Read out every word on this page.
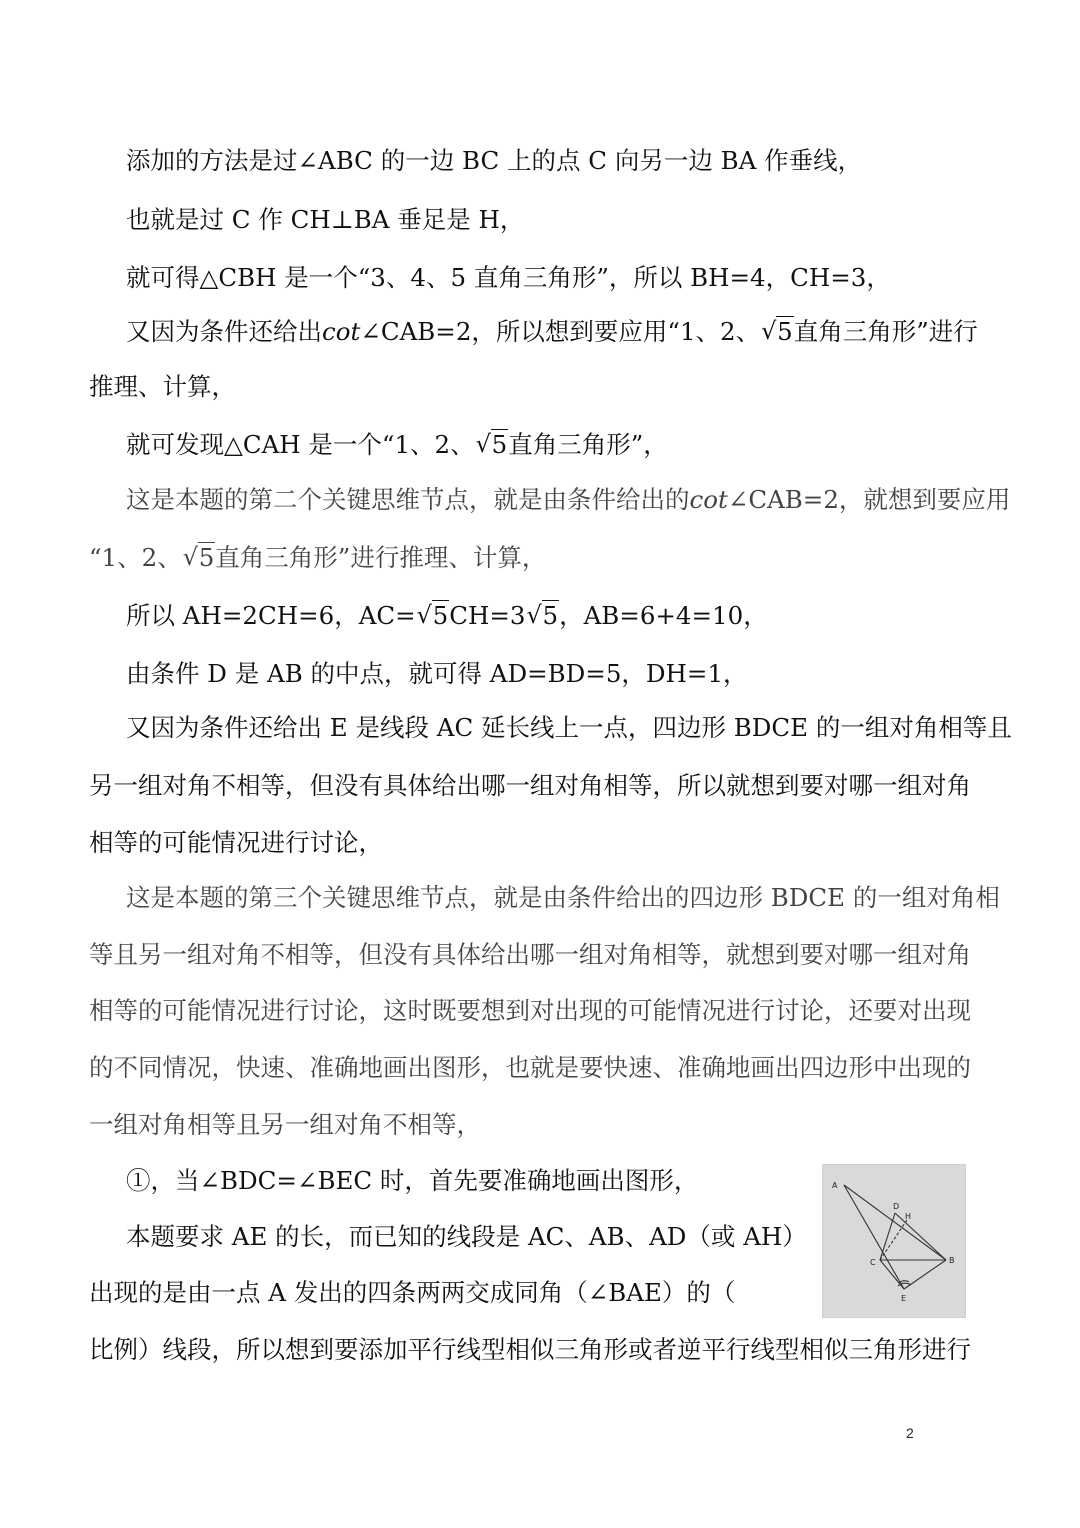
添加的方法是过∠ABC 的一边 BC 上的点 C 向另一边 BA 作垂线，
也就是过 C 作 CH⊥BA 垂足是 H，
就可得△CBH 是一个“3、4、5 直角三角形”，所以 BH=4，CH=3，
又因为条件还给出cot∠CAB=2，所以想到要应用“1、2、 √ 5直角三角形”进行
推理、计算，
就可发现△CAH 是一个“1、2、 √ 5直角三角形”，
这是本题的第二个关键思维节点，就是由条件给出的cot∠CAB=2，就想到要应用
“1、2、 √ 5直角三角形”进行推理、计算，
所以 AH=2CH=6，AC= √ 5CH=3 √ 5，AB=6+4=10，
由条件 D 是 AB 的中点，就可得 AD=BD=5，DH=1，
又因为条件还给出 E 是线段 AC 延长线上一点，四边形 BDCE 的一组对角相等且
另一组对角不相等，但没有具体给出哪一组对角相等，所以就想到要对哪一组对角
相等的可能情况进行讨论，
这是本题的第三个关键思维节点，就是由条件给出的四边形 BDCE 的一组对角相
等且另一组对角不相等，但没有具体给出哪一组对角相等，就想到要对哪一组对角
相等的可能情况进行讨论，这时既要想到对出现的可能情况进行讨论，还要对出现
的不同情况，快速、准确地画出图形，也就是要快速、准确地画出四边形中出现的
一组对角相等且另一组对角不相等，
①，当∠BDC=∠BEC 时，首先要准确地画出图形，
本题要求 AE 的长，而已知的线段是 AC、AB、AD（或 AH）
出现的是由一点 A 发出的四条两两交成同角（∠BAE）的（
比例）线段，所以想到要添加平行线型相似三角形或者逆平行线型相似三角形进行
A
D
H
C	B
E
2
